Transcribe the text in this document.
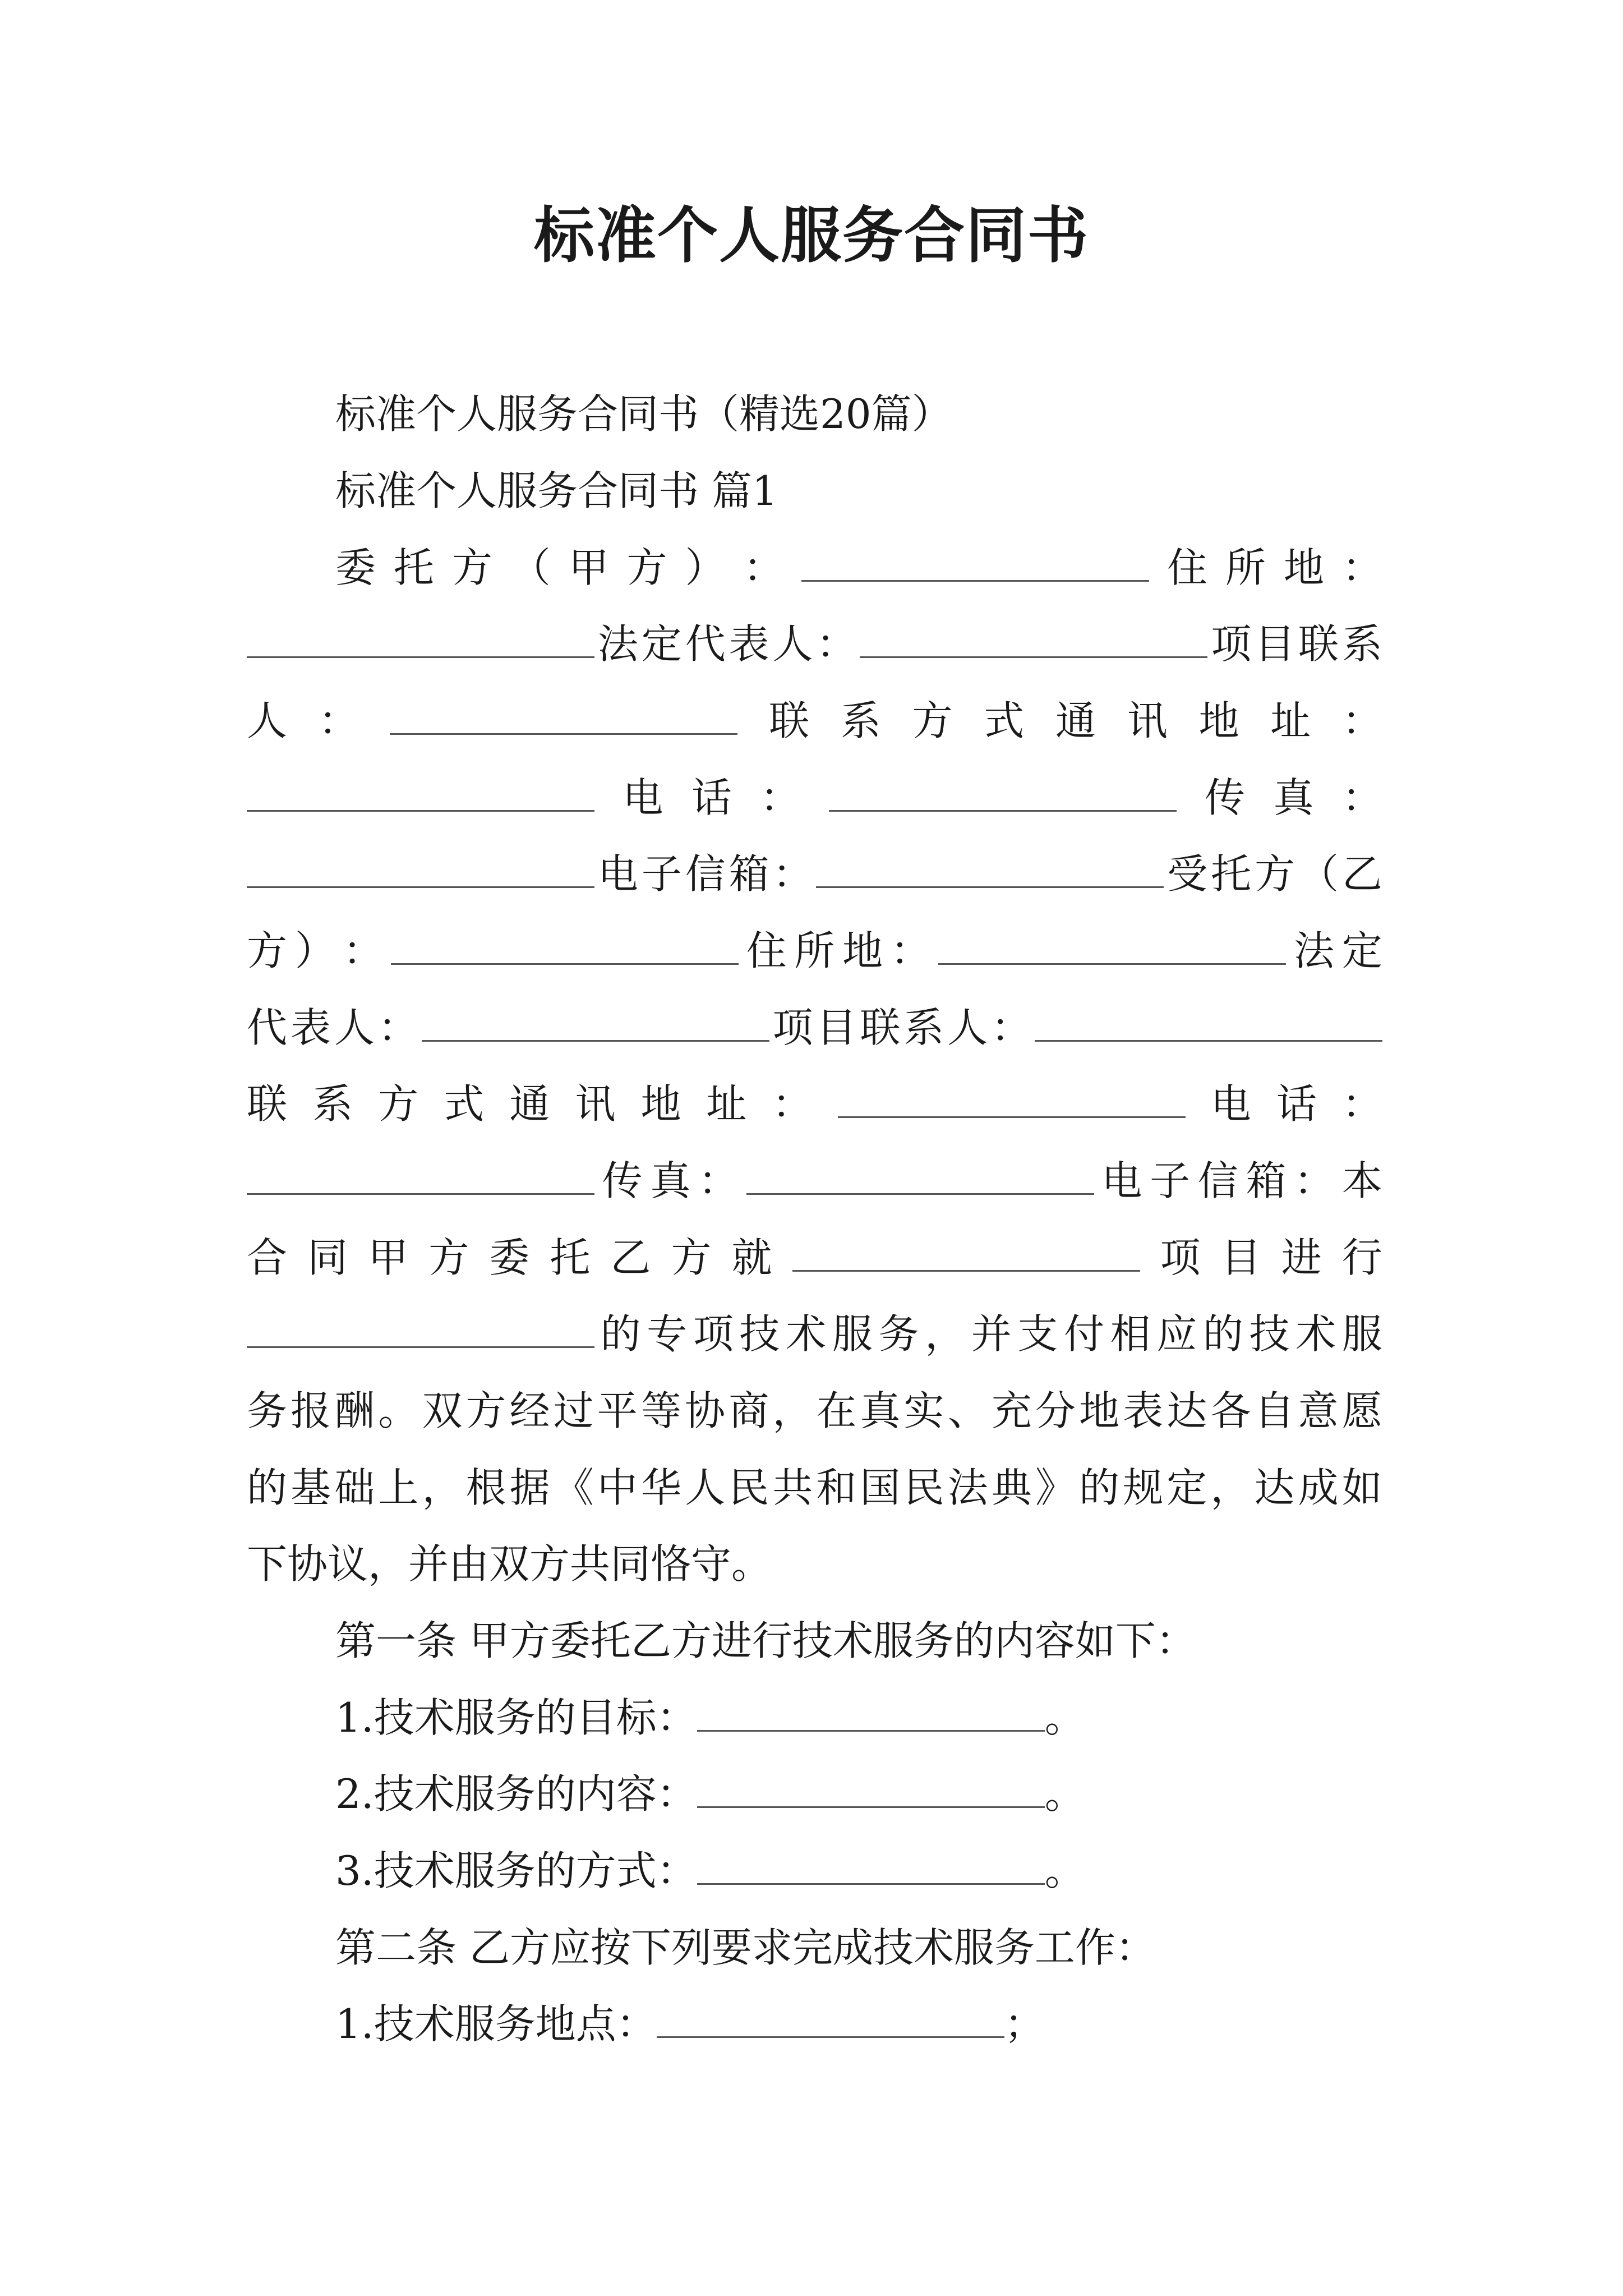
标准个人服务合同书
标准个人服务合同书（精选20篇）
标准个人服务合同书 篇1
委 托 方 （ 甲 方 ） ：	住 所 地 ：
法 定 代 表 人 ：	项 目 联 系
人 ：	联 系 方 式 通 讯 地 址 ：
电 话 ：	传 真 ：
电 子 信 箱 ：	受 托 方 （ 乙
方 ） ：	住 所 地 ：	法 定
代 表 人 ：	项 目 联 系 人 ：
联 系 方 式 通 讯 地 址 ：	电 话 ：
传 真 ：	电 子 信 箱 ： 本
合 同 甲 方 委 托 乙 方 就	项 目 进 行
的 专 项 技 术 服 务 ， 并 支 付 相 应 的 技 术 服
务 报 酬 。 双 方 经 过 平 等 协 商 ， 在 真 实 、 充 分 地 表 达 各 自 意 愿
的 基 础 上 ， 根 据 《 中 华 人 民 共 和 国 民 法 典 》 的 规 定 ， 达 成 如
下协议，并由双方共同恪守。
第一条 甲方委托乙方进行技术服务的内容如下：
1.技术服务的目标：	。
2.技术服务的内容：	。
3.技术服务的方式：	。
第二条 乙方应按下列要求完成技术服务工作：
1.技术服务地点：	；
